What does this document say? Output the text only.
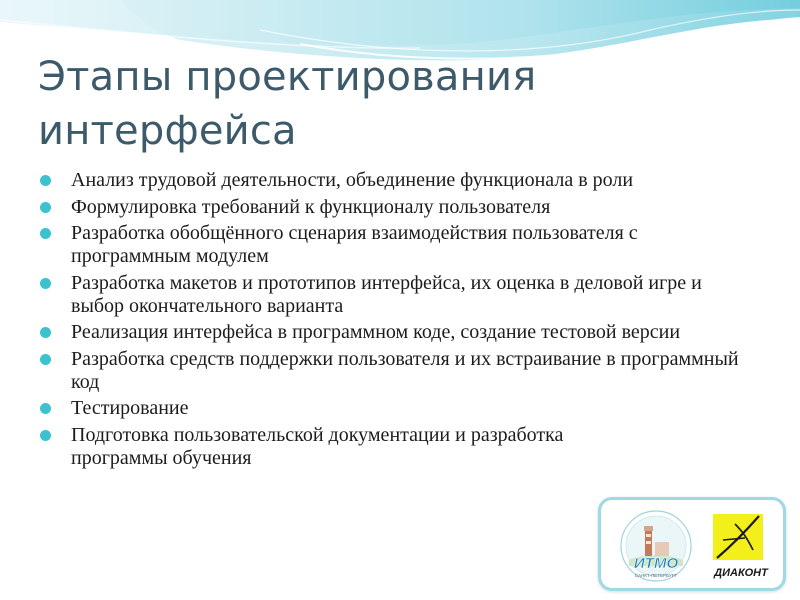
Этапы проектирования интерфейса
Анализ трудовой деятельности, объединение функционала в роли
Формулировка требований к функционалу пользователя
Разработка обобщённого сценария взаимодействия пользователя с программным модулем
Разработка макетов и прототипов интерфейса, их оценка в деловой игре и выбор окончательного варианта
Реализация интерфейса в программном коде, создание тестовой версии
Разработка средств поддержки пользователя и их встраивание в программный код
Тестирование
Подготовка пользовательской документации и разработка программы обучения
ИТМО
САНКТ-ПЕТЕРБУРГ	ДИАКОНТ
